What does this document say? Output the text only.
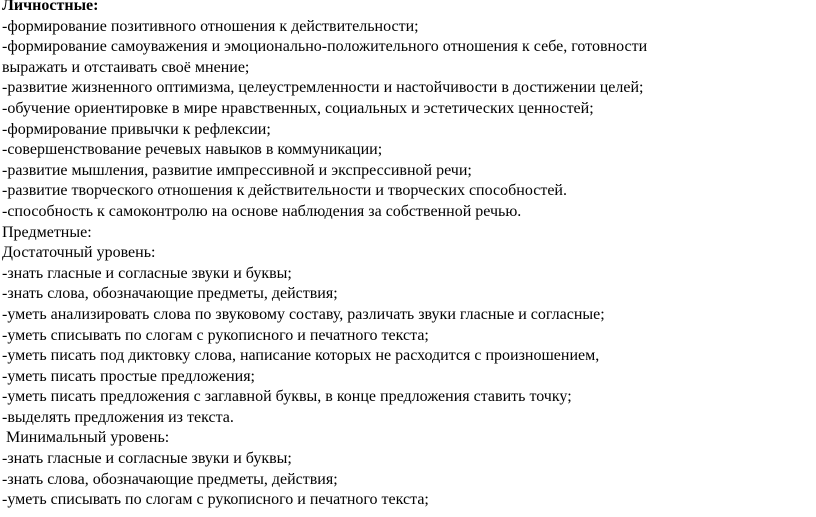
Личностные:
-формирование позитивного отношения к действительности;
-формирование самоуважения и эмоционально-положительного отношения к себе, готовности
выражать и отстаивать своё мнение;
-развитие жизненного оптимизма, целеустремленности и настойчивости в достижении целей;
-обучение ориентировке в мире нравственных, социальных и эстетических ценностей;
-формирование привычки к рефлексии;
-совершенствование речевых навыков в коммуникации;
-развитие мышления, развитие импрессивной и экспрессивной речи;
-развитие творческого отношения к действительности и творческих способностей.
-способность к самоконтролю на основе наблюдения за собственной речью.
Предметные:
Достаточный уровень:
-знать гласные и согласные звуки и буквы;
-знать слова, обозначающие предметы, действия;
-уметь анализировать слова по звуковому составу, различать звуки гласные и согласные;
-уметь списывать по слогам с рукописного и печатного текста;
-уметь писать под диктовку слова, написание которых не расходится с произношением,
-уметь писать простые предложения;
-уметь писать предложения с заглавной буквы, в конце предложения ставить точку;
-выделять предложения из текста.
Минимальный уровень:
-знать гласные и согласные звуки и буквы;
-знать слова, обозначающие предметы, действия;
-уметь списывать по слогам с рукописного и печатного текста;
